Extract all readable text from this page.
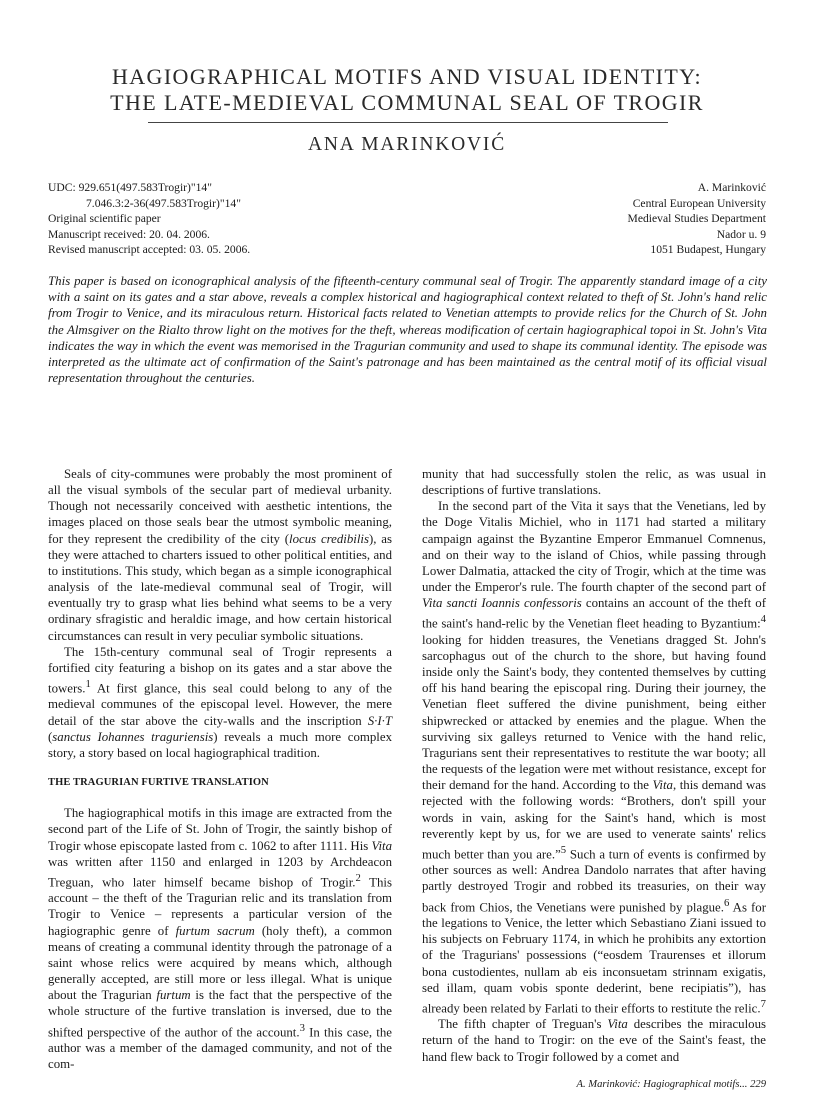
HAGIOGRAPHICAL MOTIFS AND VISUAL IDENTITY:
THE LATE-MEDIEVAL COMMUNAL SEAL OF TROGIR
ANA MARINKOVIĆ
UDC: 929.651(497.583Trogir)"14"
7.046.3:2-36(497.583Trogir)"14"
Original scientific paper
Manuscript received: 20. 04. 2006.
Revised manuscript accepted: 03. 05. 2006.
A. Marinković
Central European University
Medieval Studies Department
Nador u. 9
1051 Budapest, Hungary

This paper is based on iconographical analysis of the fifteenth-century communal seal of Trogir. The apparently standard image of a city with a saint on its gates and a star above, reveals a complex historical and hagiographical context related to theft of St. John's hand relic from Trogir to Venice, and its miraculous return. Historical facts related to Venetian attempts to provide relics for the Church of St. John the Almsgiver on the Rialto throw light on the motives for the theft, whereas modification of certain hagiographical topoi in St. John's Vita indicates the way in which the event was memorised in the Tragurian community and used to shape its communal identity. The episode was interpreted as the ultimate act of confirmation of the Saint's patronage and has been maintained as the central motif of its official visual representation throughout the centuries.

Seals of city-communes were probably the most prominent of all the visual symbols of the secular part of medieval urbanity. Though not necessarily conceived with aesthetic intentions, the images placed on those seals bear the utmost symbolic meaning, for they represent the credibility of the city (locus credibilis), as they were attached to charters issued to other political entities, and to institutions. This study, which began as a simple iconographical analysis of the late-medieval communal seal of Trogir, will eventually try to grasp what lies behind what seems to be a very ordinary sfragistic and heraldic image, and how certain historical circumstances can result in very peculiar symbolic situations.

The 15th-century communal seal of Trogir represents a fortified city featuring a bishop on its gates and a star above the towers.$^1$ At first glance, this seal could belong to any of the medieval communes of the episcopal level. However, the mere detail of the star above the city-walls and the inscription S·I·T (sanctus Iohannes traguriensis) reveals a much more complex story, a story based on local hagiographical tradition.

THE TRAGURIAN FURTIVE TRANSLATION

The hagiographical motifs in this image are extracted from the second part of the Life of St. John of Trogir, the saintly bishop of Trogir whose episcopate lasted from c. 1062 to after 1111. His Vita was written after 1150 and enlarged in 1203 by Archdeacon Treguan, who later himself became bishop of Trogir.$^2$ This account – the theft of the Tragurian relic and its translation from Trogir to Venice – represents a particular version of the hagiographic genre of furtum sacrum (holy theft), a common means of creating a communal identity through the patronage of a saint whose relics were acquired by means which, although generally accepted, are still more or less illegal. What is unique about the Tragurian furtum is the fact that the perspective of the whole structure of the furtive translation is inversed, due to the shifted perspective of the author of the account.$^3$ In this case, the author was a member of the damaged community, and not of the com-

munity that had successfully stolen the relic, as was usual in descriptions of furtive translations.

In the second part of the Vita it says that the Venetians, led by the Doge Vitalis Michiel, who in 1171 had started a military campaign against the Byzantine Emperor Emmanuel Comnenus, and on their way to the island of Chios, while passing through Lower Dalmatia, attacked the city of Trogir, which at the time was under the Emperor's rule. The fourth chapter of the second part of Vita sancti Ioannis confessoris contains an account of the theft of the saint's hand-relic by the Venetian fleet heading to Byzantium:$^4$ looking for hidden treasures, the Venetians dragged St. John's sarcophagus out of the church to the shore, but having found inside only the Saint's body, they contented themselves by cutting off his hand bearing the episcopal ring. During their journey, the Venetian fleet suffered the divine punishment, being either shipwrecked or attacked by enemies and the plague. When the surviving six galleys returned to Venice with the hand relic, Tragurians sent their representatives to restitute the war booty; all the requests of the legation were met without resistance, except for their demand for the hand. According to the Vita, this demand was rejected with the following words: “Brothers, don't spill your words in vain, asking for the Saint's hand, which is most reverently kept by us, for we are used to venerate saints' relics much better than you are.”$^5$ Such a turn of events is confirmed by other sources as well: Andrea Dandolo narrates that after having partly destroyed Trogir and robbed its treasuries, on their way back from Chios, the Venetians were punished by plague.$^6$ As for the legations to Venice, the letter which Sebastiano Ziani issued to his subjects on February 1174, in which he prohibits any extortion of the Tragurians' possessions (“eosdem Traurenses et illorum bona custodientes, nullam ab eis inconsuetam strinnam exigatis, sed illam, quam vobis sponte dederint, bene recipiatis”), has already been related by Farlati to their efforts to restitute the relic.$^7$

The fifth chapter of Treguan's Vita describes the miraculous return of the hand to Trogir: on the eve of the Saint's feast, the hand flew back to Trogir followed by a comet and

A. Marinković: Hagiographical motifs... 229
